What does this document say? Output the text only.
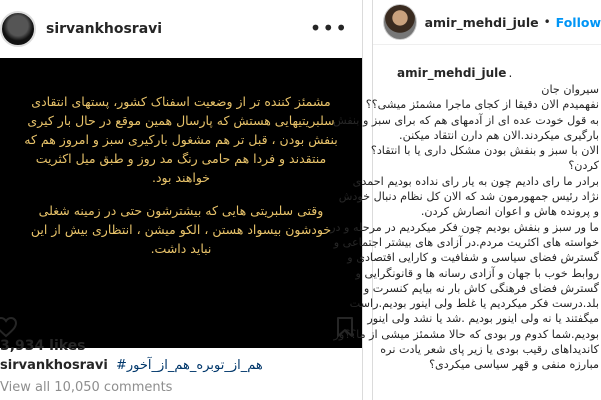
sirvankhosravi	•••

مشمئز کننده تر از وضعیت اسفناک کشور، پستهای انتقادی سلبریتیهایی هستش که پارسال همین موقع در حال بار کیری بنفش بودن ، قبل تر هم مشغول بارکیری سبز و امروز هم که منتقدند و فردا هم حامی رنگ مد روز و طبق میل اکثریت خواهند بود.

وقتی سلبریتی هایی که بیشترشون حتی در زمینه شغلی خودشون بیسواد هستن ، الکو میشن ، انتظاری بیش از این نباید داشت.

3,934 likes
sirvankhosravi #هم_از_توبره_هم_از_آخور
View all 10,050 comments
amir_mehdi_jule • Follow
amir_mehdi_jule .
سیروان جان
نفهمیدم الان دقیقا از کجای ماجرا مشمئز میشی؟؟
به قول خودت عده ای از آدمهای هم که برای سبز و بنفش
بارگیری میکردند.الان هم دارن انتقاد میکنن.
الان با سبز و بنفش بودن مشکل داری یا با انتقاد؟
کردن؟
برادر ما رای دادیم چون به یار رای نداده بودیم احمدی
نژاد رئیس جمهورمون شد که الان کل نظام دنبال خودش
و پرونده هاش و اعوان انصارش کردن.
ما ور سبز و بنفش بودیم چون فکر میکردیم در مرحله و در
خواسته های اکثریت مردم.در آزادی های بیشتر اجتماعی و
گسترش فضای سیاسی و شفافیت و کارایی اقتصادی و
روابط خوب با جهان و آزادی رسانه ها و قانونگرایی و
گسترش فضای فرهنگی کاش بار نه بیایم کنسرت و
بلد.درست فکر میکردیم یا غلط ولی اینور بودیم.راست
میگفتند یا نه ولی اینور بودیم .شد یا نشد ولی اینور
بودیم.شما کدوم ور بودی که حالا مشمئز میشی از ما؟؟ور
کاندیداهای رقیب بودی یا زیر پای شعر یادت نره
مبارزه منفی و قهر سیاسی میکردی؟
